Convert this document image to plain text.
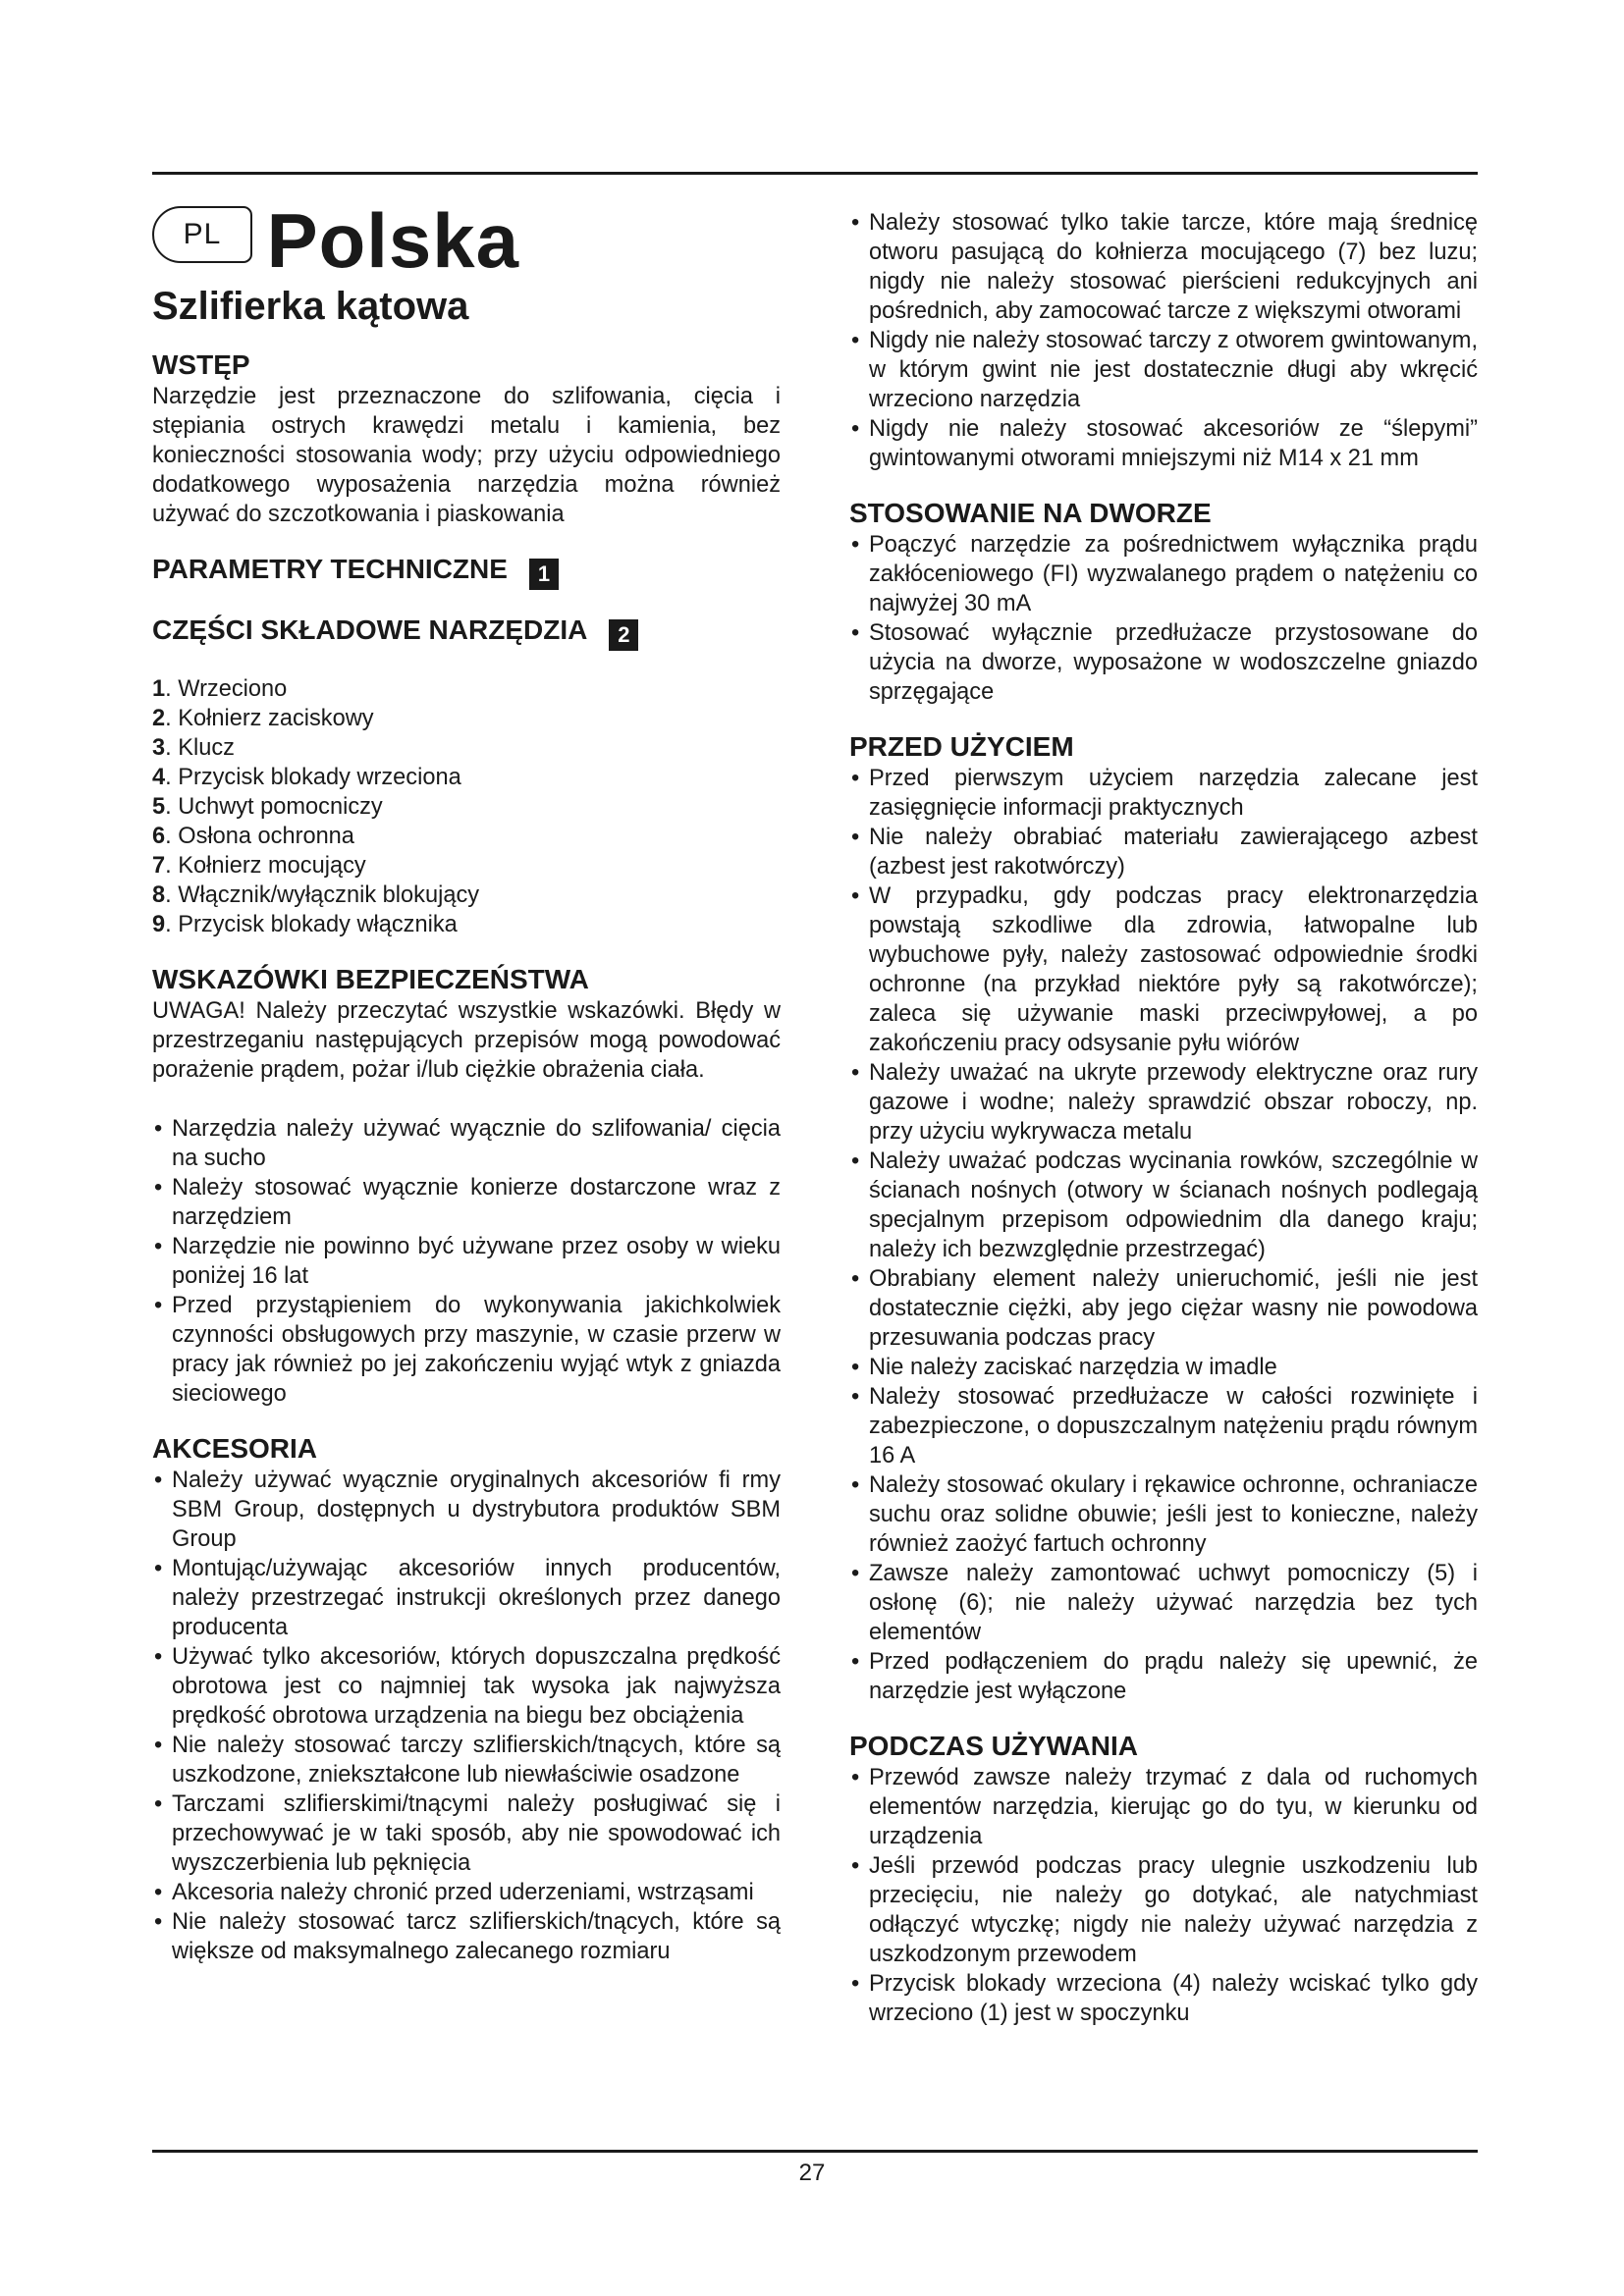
PL Polska
Szlifierka kątowa
WSTĘP

Narzędzie jest przeznaczone do szlifowania, cięcia i stępiania ostrych krawędzi metalu i kamienia, bez konieczności stosowania wody; przy użyciu odpowiedniego dodatkowego wyposażenia narzędzia można również używać do szczotkowania i piaskowania

PARAMETRY TECHNICZNE 1
CZĘŚCI SKŁADOWE NARZĘDZIA 2
1. Wrzeciono
2. Kołnierz zaciskowy
3. Klucz
4. Przycisk blokady wrzeciona
5. Uchwyt pomocniczy
6. Osłona ochronna
7. Kołnierz mocujący
8. Włącznik/wyłącznik blokujący
9. Przycisk blokady włącznika
WSKAZÓWKI BEZPIECZEŃSTWA

UWAGA! Należy przeczytać wszystkie wskazówki. Błędy w przestrzeganiu następujących przepisów mogą powodować porażenie prądem, pożar i/lub ciężkie obrażenia ciała.

• Narzędzia należy używać wyącznie do szlifowania/ cięcia na sucho
• Należy stosować wyącznie konierze dostarczone wraz z narzędziem
• Narzędzie nie powinno być używane przez osoby w wieku poniżej 16 lat
• Przed przystąpieniem do wykonywania jakichkolwiek czynności obsługowych przy maszynie, w czasie przerw w pracy jak również po jej zakończeniu wyjąć wtyk z gniazda sieciowego
AKCESORIA
• Należy używać wyącznie oryginalnych akcesoriów fi rmy SBM Group, dostępnych u dystrybutora produktów SBM Group
• Montując/używając akcesoriów innych producentów, należy przestrzegać instrukcji określonych przez danego producenta
• Używać tylko akcesoriów, których dopuszczalna prędkość obrotowa jest co najmniej tak wysoka jak najwyższa prędkość obrotowa urządzenia na biegu bez obciążenia
• Nie należy stosować tarczy szlifierskich/tnących, które są uszkodzone, zniekształcone lub niewłaściwie osadzone
• Tarczami szlifierskimi/tnącymi należy posługiwać się i przechowywać je w taki sposób, aby nie spowodować ich wyszczerbienia lub pęknięcia
• Akcesoria należy chronić przed uderzeniami, wstrząsami
• Nie należy stosować tarcz szlifierskich/tnących, które są większe od maksymalnego zalecanego rozmiaru
• Należy stosować tylko takie tarcze, które mają średnicę otworu pasującą do kołnierza mocującego (7) bez luzu; nigdy nie należy stosować pierścieni redukcyjnych ani pośrednich, aby zamocować tarcze z większymi otworami
• Nigdy nie należy stosować tarczy z otworem gwintowanym, w którym gwint nie jest dostatecznie długi aby wkręcić wrzeciono narzędzia
• Nigdy nie należy stosować akcesoriów ze “ślepymi” gwintowanymi otworami mniejszymi niż M14 x 21 mm
STOSOWANIE NA DWORZE
• Poączyć narzędzie za pośrednictwem wyłącznika prądu zakłóceniowego (FI) wyzwalanego prądem o natężeniu co najwyżej 30 mA
• Stosować wyłącznie przedłużacze przystosowane do użycia na dworze, wyposażone w wodoszczelne gniazdo sprzęgające
PRZED UŻYCIEM
• Przed pierwszym użyciem narzędzia zalecane jest zasięgnięcie informacji praktycznych
• Nie należy obrabiać materiału zawierającego azbest (azbest jest rakotwórczy)
• W przypadku, gdy podczas pracy elektronarzędzia powstają szkodliwe dla zdrowia, łatwopalne lub wybuchowe pyły, należy zastosować odpowiednie środki ochronne (na przykład niektóre pyły są rakotwórcze); zaleca się używanie maski przeciwpyłowej, a po zakończeniu pracy odsysanie pyłu wiórów
• Należy uważać na ukryte przewody elektryczne oraz rury gazowe i wodne; należy sprawdzić obszar roboczy, np. przy użyciu wykrywacza metalu
• Należy uważać podczas wycinania rowków, szczególnie w ścianach nośnych (otwory w ścianach nośnych podlegają specjalnym przepisom odpowiednim dla danego kraju; należy ich bezwzględnie przestrzegać)
• Obrabiany element należy unieruchomić, jeśli nie jest dostatecznie ciężki, aby jego ciężar wasny nie powodowa przesuwania podczas pracy
• Nie należy zaciskać narzędzia w imadle
• Należy stosować przedłużacze w całości rozwinięte i zabezpieczone, o dopuszczalnym natężeniu prądu równym 16 A
• Należy stosować okulary i rękawice ochronne, ochraniacze suchu oraz solidne obuwie; jeśli jest to konieczne, należy również zaożyć fartuch ochronny
• Zawsze należy zamontować uchwyt pomocniczy (5) i osłonę (6); nie należy używać narzędzia bez tych elementów
• Przed podłączeniem do prądu należy się upewnić, że narzędzie jest wyłączone
PODCZAS UŻYWANIA
• Przewód zawsze należy trzymać z dala od ruchomych elementów narzędzia, kierując go do tyu, w kierunku od urządzenia
• Jeśli przewód podczas pracy ulegnie uszkodzeniu lub przecięciu, nie należy go dotykać, ale natychmiast odłączyć wtyczkę; nigdy nie należy używać narzędzia z uszkodzonym przewodem
• Przycisk blokady wrzeciona (4) należy wciskać tylko gdy wrzeciono (1) jest w spoczynku
27
